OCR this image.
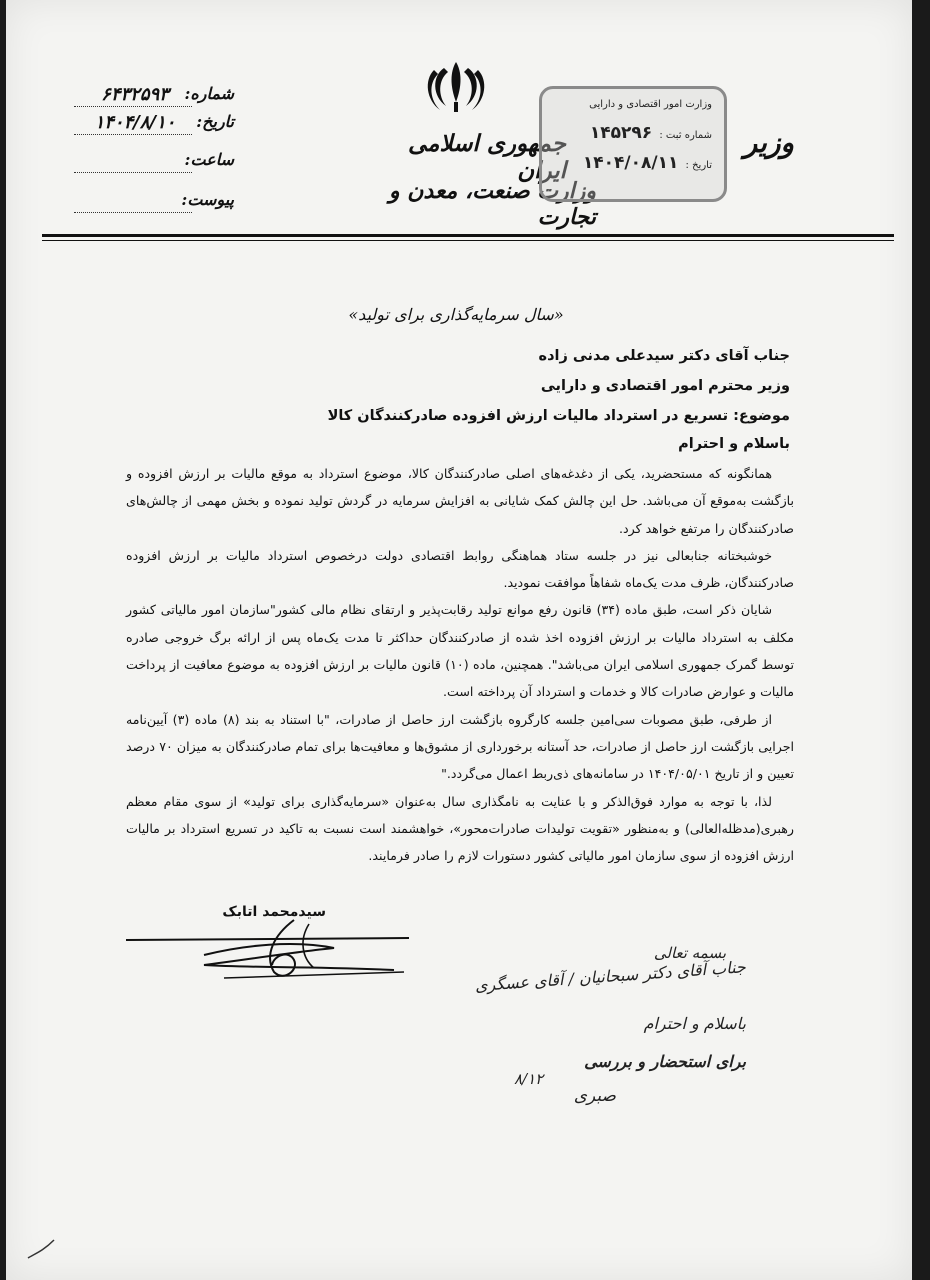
جمهوری اسلامی ایران
وزارت صنعت، معدن و تجارت
وزیر
وزارت امور اقتصادی و دارایی
شماره ثبت : ۱۴۵۲۹۶
تاریخ : ۱۴۰۴/۰۸/۱۱
شماره:
۶۴۳۲۵۹۳
تاریخ:
۱۴۰۴/۸/۱۰
ساعت:
پیوست:
«سال سرمایه‌گذاری برای تولید»
جناب آقای دکتر سیدعلی مدنی زاده
وزیر محترم امور اقتصادی و دارایی
موضوع: تسریع در استرداد مالیات ارزش افزوده صادرکنندگان کالا
باسلام و احترام

همانگونه که مستحضرید، یکی از دغدغه‌های اصلی صادرکنندگان کالا، موضوع استرداد به موقع مالیات بر ارزش افزوده و بازگشت به‌موقع آن می‌باشد. حل این چالش کمک شایانی به افزایش سرمایه در گردش تولید نموده و بخش مهمی از چالش‌های صادرکنندگان را مرتفع خواهد کرد.

خوشبختانه جنابعالی نیز در جلسه ستاد هماهنگی روابط اقتصادی دولت درخصوص استرداد مالیات بر ارزش افزوده صادرکنندگان، ظرف مدت یک‌ماه شفاهاً موافقت نمودید.

شایان ذکر است، طبق ماده (۳۴) قانون رفع موانع تولید رقابت‌پذیر و ارتقای نظام مالی کشور"سازمان امور مالیاتی کشور مکلف به استرداد مالیات بر ارزش افزوده اخذ شده از صادرکنندگان حداکثر تا مدت یک‌ماه پس از ارائه برگ خروجی صادره توسط گمرک جمهوری اسلامی ایران می‌باشد". همچنین، ماده (۱۰) قانون مالیات بر ارزش افزوده به موضوع معافیت از پرداخت مالیات و عوارض صادرات کالا و خدمات و استرداد آن پرداخته است.

از طرفی، طبق مصوبات سی‌امین جلسه کارگروه بازگشت ارز حاصل از صادرات، "با استناد به بند (۸) ماده (۳) آیین‌نامه اجرایی بازگشت ارز حاصل از صادرات، حد آستانه برخورداری از مشوق‌ها و معافیت‌ها برای تمام صادرکنندگان به میزان ۷۰ درصد تعیین و از تاریخ ۱۴۰۴/۰۵/۰۱ در سامانه‌های ذی‌ربط اعمال می‌گردد."

لذا، با توجه به موارد فوق‌الذکر و با عنایت به نامگذاری سال به‌عنوان «سرمایه‌گذاری برای تولید» از سوی مقام معظم رهبری(مدظله‌العالی) و به‌منظور «تقویت تولیدات صادرات‌محور»، خواهشمند است نسبت به تاکید در تسریع استرداد بر مالیات ارزش افزوده از سوی سازمان امور مالیاتی کشور دستورات لازم را صادر فرمایند.

سیدمحمد اتابک
بسمه تعالی
جناب آقای دکتر سبحانیان / آقای عسگری
باسلام و احترام
برای استحضار و بررسی
صبری
۸/۱۲
